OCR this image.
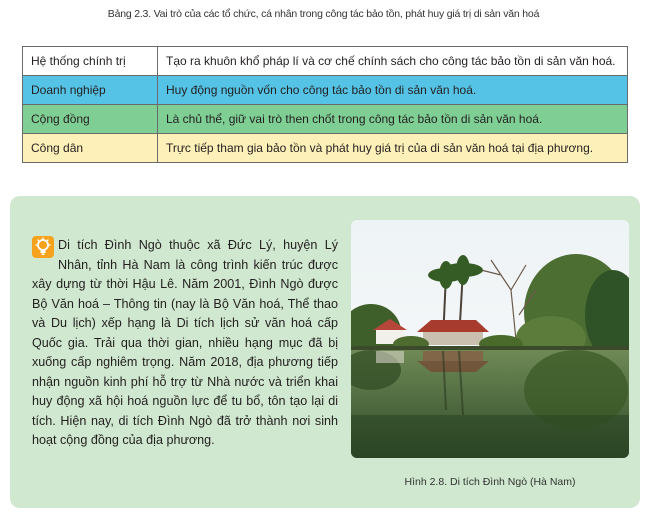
Bảng 2.3. Vai trò của các tổ chức, cá nhân trong công tác bảo tồn, phát huy giá trị di sản văn hoá
Hệ thống chính trị	Tạo ra khuôn khổ pháp lí và cơ chế chính sách cho công tác bảo tồn di sản văn hoá.
Doanh nghiệp	Huy động nguồn vốn cho công tác bảo tồn di sản văn hoá.
Cộng đồng	Là chủ thể, giữ vai trò then chốt trong công tác bảo tồn di sản văn hoá.
Công dân	Trực tiếp tham gia bảo tồn và phát huy giá trị của di sản văn hoá tại địa phương.
Di tích Đình Ngò thuộc xã Đức Lý, huyện Lý Nhân, tỉnh Hà Nam là công trình kiến trúc được xây dựng từ thời Hậu Lê. Năm 2001, Đình Ngò được Bộ Văn hoá – Thông tin (nay là Bộ Văn hoá, Thể thao và Du lịch) xếp hạng là Di tích lịch sử văn hoá cấp Quốc gia. Trải qua thời gian, nhiều hạng mục đã bị xuống cấp nghiêm trọng. Năm 2018, địa phương tiếp nhận nguồn kinh phí hỗ trợ từ Nhà nước và triển khai huy động xã hội hoá nguồn lực để tu bổ, tôn tạo lại di tích. Hiện nay, di tích Đình Ngò đã trở thành nơi sinh hoạt cộng đồng của địa phương.
Hình 2.8. Di tích Đình Ngò (Hà Nam)
